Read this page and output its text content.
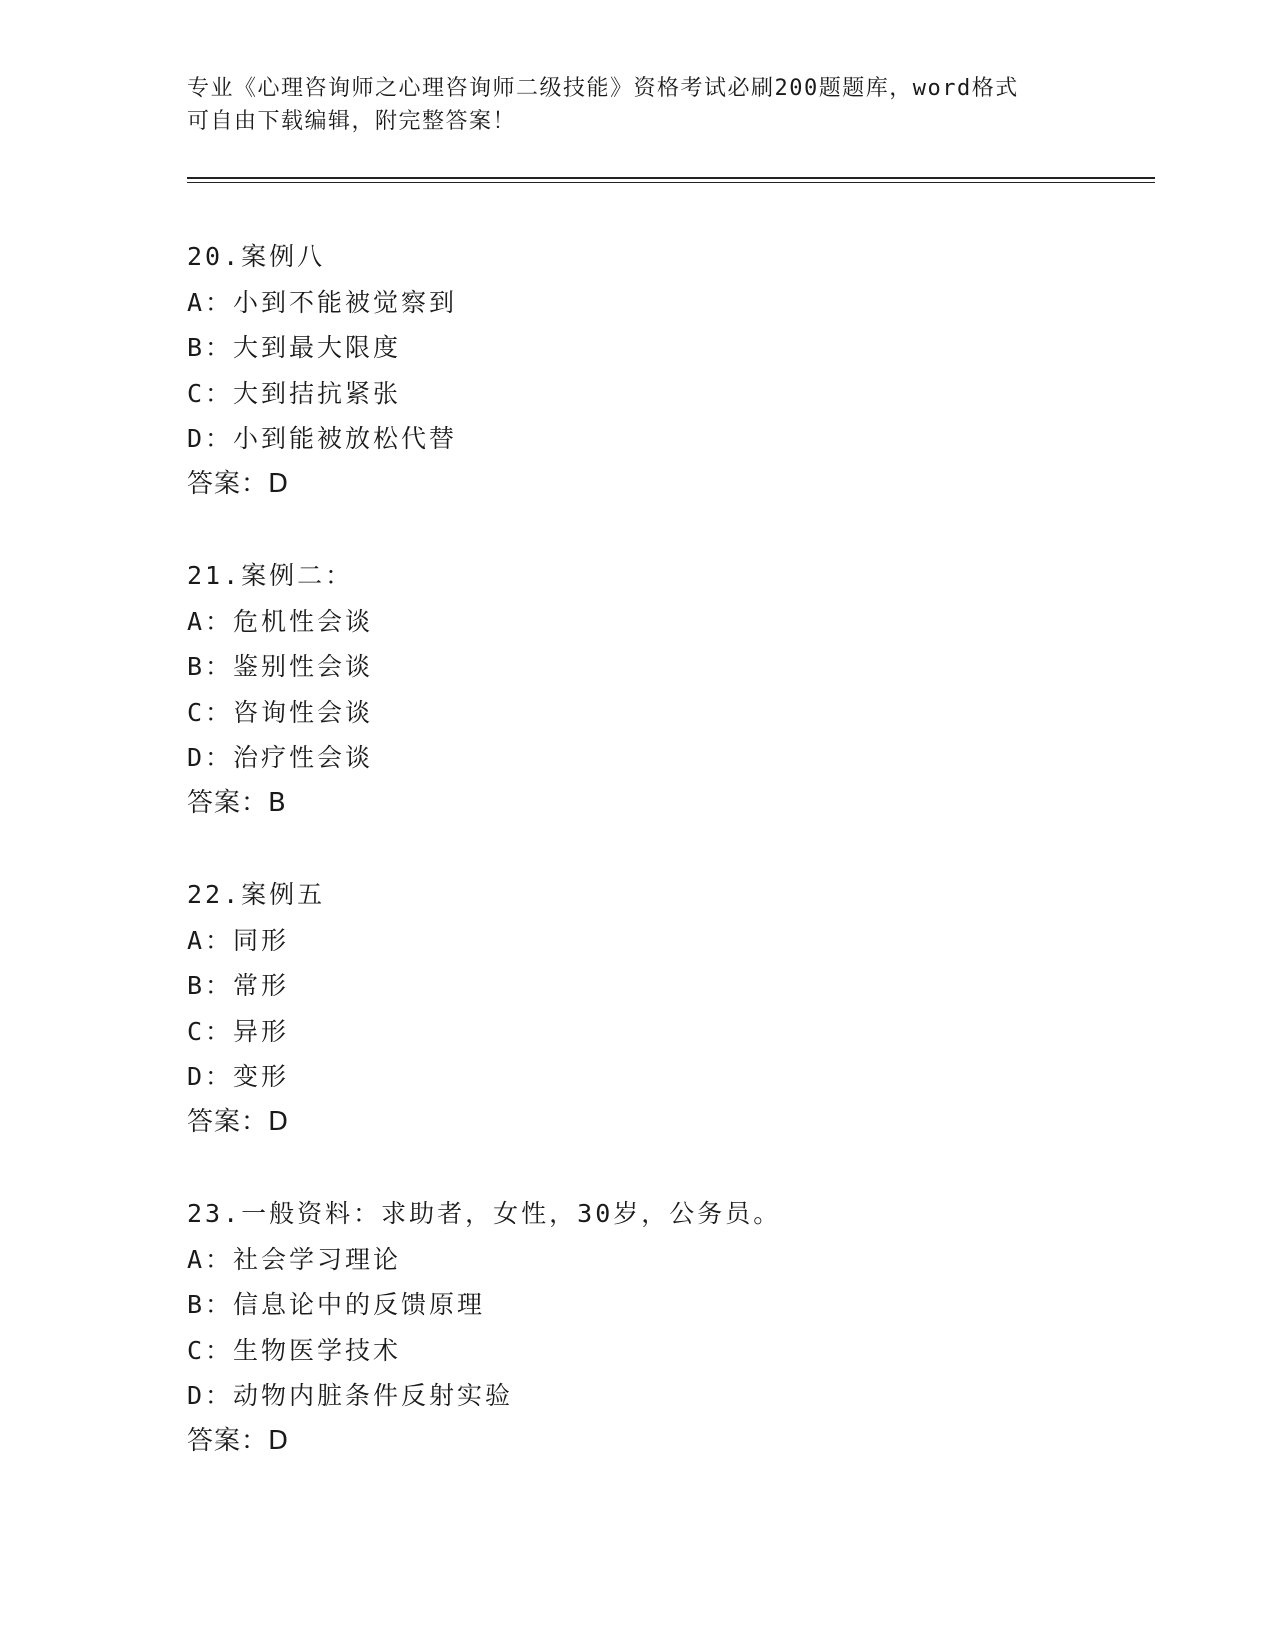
专业《心理咨询师之心理咨询师二级技能》资格考试必刷200题题库，word格式
可自由下载编辑，附完整答案！
20.案例八
A：小到不能被觉察到
B：大到最大限度
C：大到拮抗紧张
D：小到能被放松代替
答案：D
21.案例二：
A：危机性会谈
B：鉴别性会谈
C：咨询性会谈
D：治疗性会谈
答案：B
22.案例五
A：同形
B：常形
C：异形
D：变形
答案：D
23.一般资料：求助者，女性，30岁，公务员。
A：社会学习理论
B：信息论中的反馈原理
C：生物医学技术
D：动物内脏条件反射实验
答案：D
